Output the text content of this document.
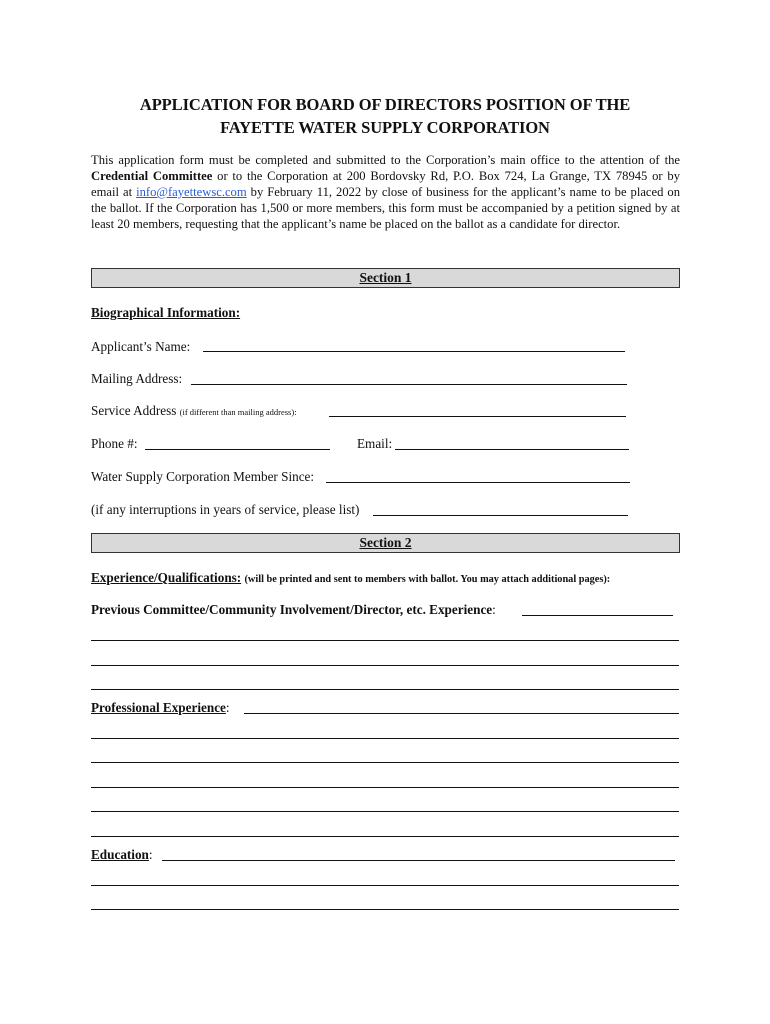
APPLICATION FOR BOARD OF DIRECTORS POSITION OF THE
FAYETTE WATER SUPPLY CORPORATION
This application form must be completed and submitted to the Corporation’s main office to the attention of the Credential Committee or to the Corporation at 200 Bordovsky Rd, P.O. Box 724, La Grange, TX 78945 or by email at info@fayettewsc.com by February 11, 2022 by close of business for the applicant’s name to be placed on the ballot. If the Corporation has 1,500 or more members, this form must be accompanied by a petition signed by at least 20 members, requesting that the applicant’s name be placed on the ballot as a candidate for director.
Section 1
Biographical Information:
Applicant’s Name:
Mailing Address:
Service Address (if different than mailing address):
Phone #:	Email:
Water Supply Corporation Member Since:
(if any interruptions in years of service, please list)
Section 2
Experience/Qualifications: (will be printed and sent to members with ballot. You may attach additional pages):
Previous Committee/Community Involvement/Director, etc. Experience:
Professional Experience:
Education:
